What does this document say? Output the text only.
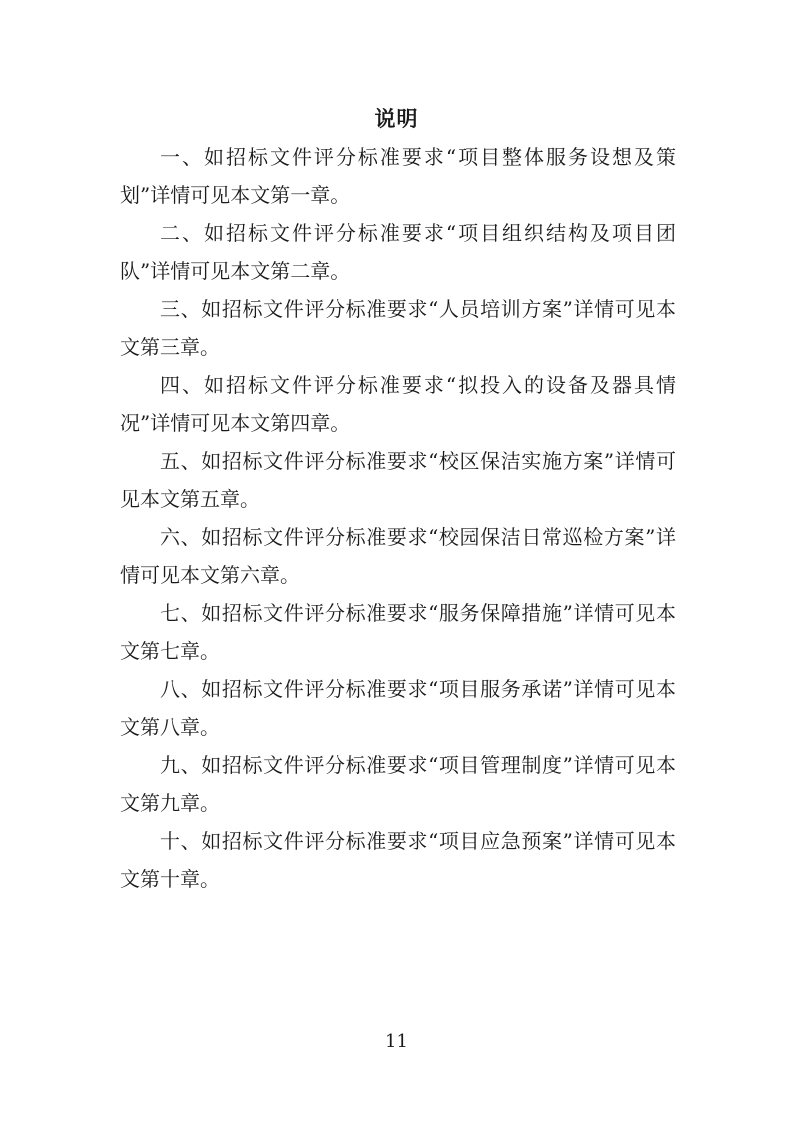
说明

一、如招标文件评分标准要求“项目整体服务设想及策划”详情可见本文第一章。

二、如招标文件评分标准要求“项目组织结构及项目团队”详情可见本文第二章。

三、如招标文件评分标准要求“人员培训方案”详情可见本文第三章。

四、如招标文件评分标准要求“拟投入的设备及器具情况”详情可见本文第四章。

五、如招标文件评分标准要求“校区保洁实施方案”详情可见本文第五章。

六、如招标文件评分标准要求“校园保洁日常巡检方案”详情可见本文第六章。

七、如招标文件评分标准要求“服务保障措施”详情可见本文第七章。

八、如招标文件评分标准要求“项目服务承诺”详情可见本文第八章。

九、如招标文件评分标准要求“项目管理制度”详情可见本文第九章。

十、如招标文件评分标准要求“项目应急预案”详情可见本文第十章。

11
